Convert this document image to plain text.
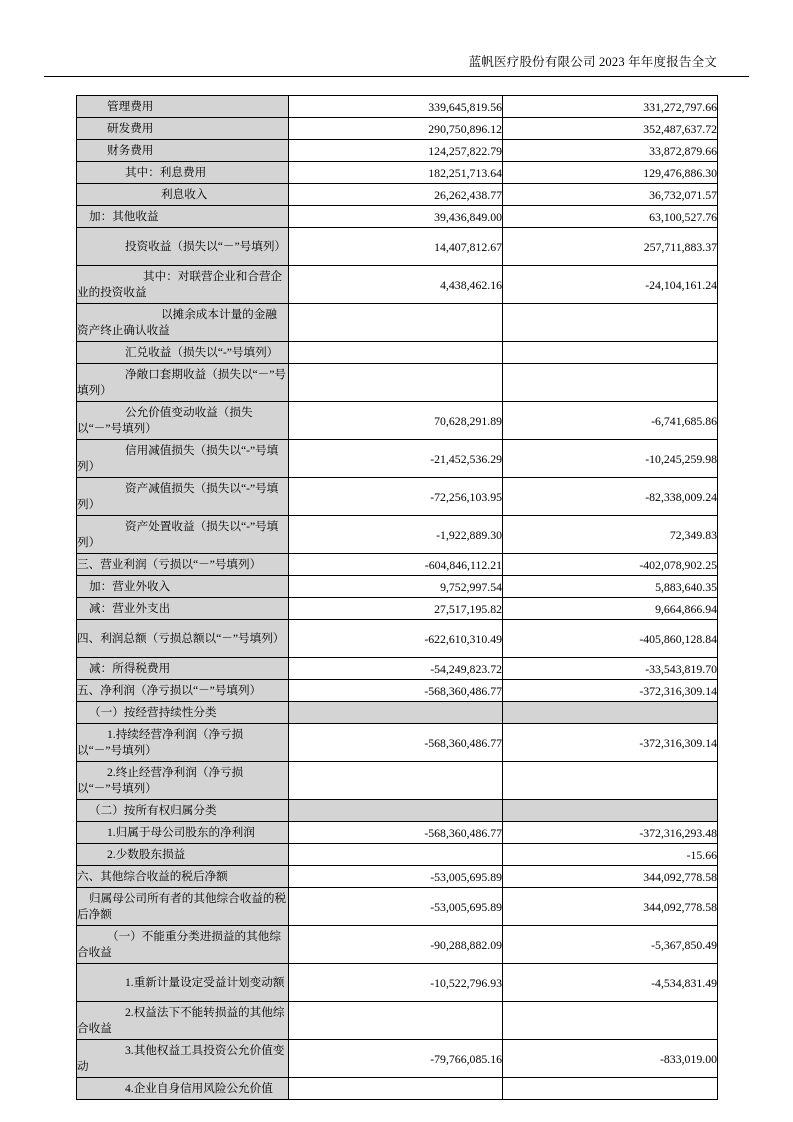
蓝帆医疗股份有限公司 2023 年年度报告全文
管理费用	339,645,819.56	331,272,797.66

研发费用	290,750,896.12	352,487,637.72

财务费用	124,257,822.79	33,872,879.66

其中：利息费用	182,251,713.64	129,476,886.30

利息收入	26,262,438.77	36,732,071.57

加：其他收益	39,436,849.00	63,100,527.76

投资收益（损失以“－”号填列）	14,407,812.67	257,711,883.37

其中：对联营企业和合营企业的投资收益	4,438,462.16	-24,104,161.24

以摊余成本计量的金融资产终止确认收益		

汇兑收益（损失以“-”号填列）		

净敞口套期收益（损失以“－”号填列）		

公允价值变动收益（损失以“－”号填列）	70,628,291.89	-6,741,685.86

信用减值损失（损失以“-”号填列）	-21,452,536.29	-10,245,259.98

资产减值损失（损失以“-”号填列）	-72,256,103.95	-82,338,009.24

资产处置收益（损失以“-”号填列）	-1,922,889.30	72,349.83

三、营业利润（亏损以“－”号填列）	-604,846,112.21	-402,078,902.25

加：营业外收入	9,752,997.54	5,883,640.35

减：营业外支出	27,517,195.82	9,664,866.94

四、利润总额（亏损总额以“－”号填列）	-622,610,310.49	-405,860,128.84

减：所得税费用	-54,249,823.72	-33,543,819.70

五、净利润（净亏损以“－”号填列）	-568,360,486.77	-372,316,309.14

（一）按经营持续性分类		

1.持续经营净利润（净亏损以“－”号填列）	-568,360,486.77	-372,316,309.14

2.终止经营净利润（净亏损以“－”号填列）		

（二）按所有权归属分类		

1.归属于母公司股东的净利润	-568,360,486.77	-372,316,293.48

2.少数股东损益		-15.66

六、其他综合收益的税后净额	-53,005,695.89	344,092,778.58

归属母公司所有者的其他综合收益的税后净额	-53,005,695.89	344,092,778.58

（一）不能重分类进损益的其他综合收益	-90,288,882.09	-5,367,850.49

1.重新计量设定受益计划变动额	-10,522,796.93	-4,534,831.49

2.权益法下不能转损益的其他综合收益		

3.其他权益工具投资公允价值变动	-79,766,085.16	-833,019.00

4.企业自身信用风险公允价值		
